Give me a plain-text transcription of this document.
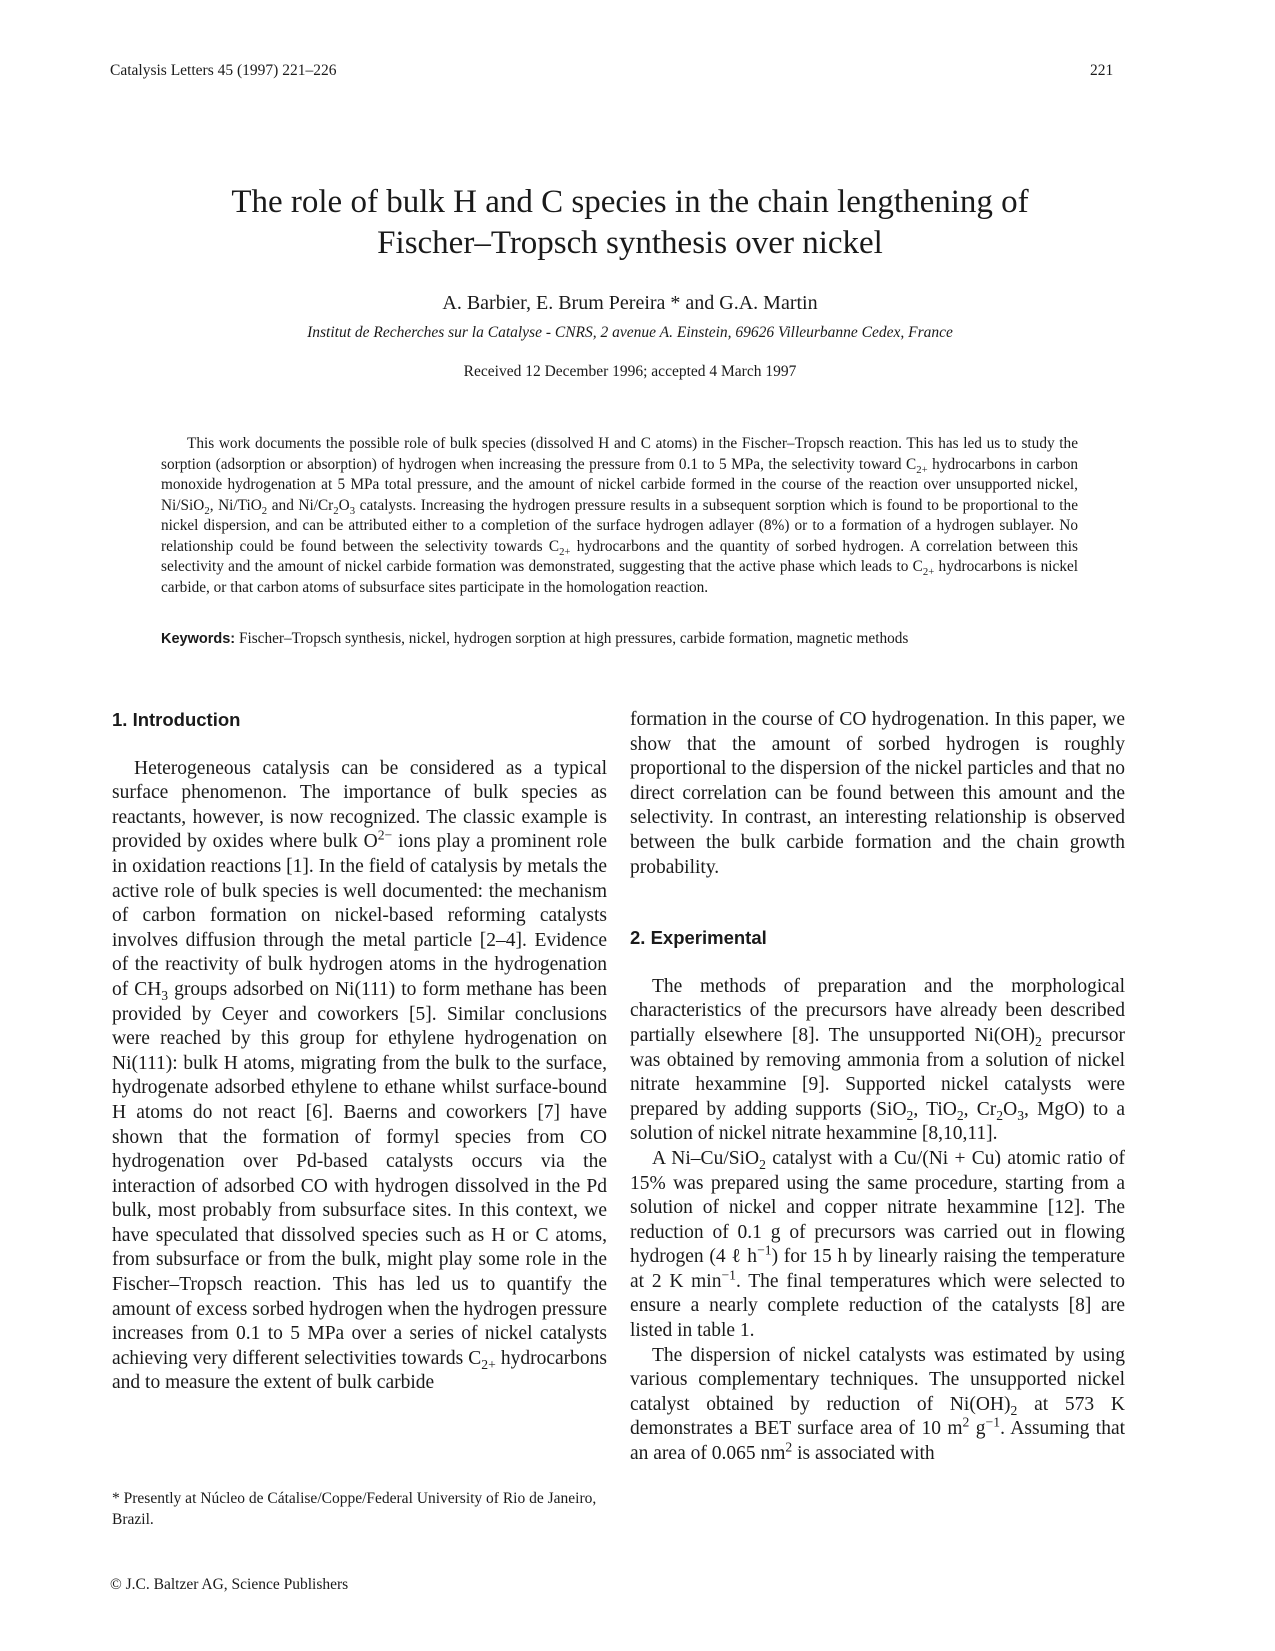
Catalysis Letters 45 (1997) 221–226	221
The role of bulk H and C species in the chain lengthening of
Fischer–Tropsch synthesis over nickel
A. Barbier, E. Brum Pereira * and G.A. Martin
Institut de Recherches sur la Catalyse - CNRS, 2 avenue A. Einstein, 69626 Villeurbanne Cedex, France
Received 12 December 1996; accepted 4 March 1997

This work documents the possible role of bulk species (dissolved H and C atoms) in the Fischer–Tropsch reaction. This has led us to study the sorption (adsorption or absorption) of hydrogen when increasing the pressure from 0.1 to 5 MPa, the selectivity toward $C_{2+}$ hydrocarbons in carbon monoxide hydrogenation at 5 MPa total pressure, and the amount of nickel carbide formed in the course of the reaction over unsupported nickel, Ni/SiO$_2$, Ni/TiO$_2$ and $Ni/Cr_2O_3$ catalysts. Increasing the hydrogen pressure results in a subsequent sorption which is found to be proportional to the nickel dispersion, and can be attributed either to a completion of the surface hydrogen adlayer (8%) or to a formation of a hydrogen sublayer. No relationship could be found between the selectivity towards $C_{2+}$ hydrocarbons and the quantity of sorbed hydrogen. A correlation between this selectivity and the amount of nickel carbide formation was demonstrated, suggesting that the active phase which leads to $C_{2+}$ hydrocarbons is nickel carbide, or that carbon atoms of subsurface sites participate in the homologation reaction.

Keywords: Fischer–Tropsch synthesis, nickel, hydrogen sorption at high pressures, carbide formation, magnetic methods
1. Introduction

Heterogeneous catalysis can be considered as a typical surface phenomenon. The importance of bulk species as reactants, however, is now recognized. The classic example is provided by oxides where bulk $O^{2-}$ ions play a prominent role in oxidation reactions [1]. In the field of catalysis by metals the active role of bulk species is well documented: the mechanism of carbon formation on nickel-based reforming catalysts involves diffusion through the metal particle [2–4]. Evidence of the reactivity of bulk hydrogen atoms in the hydrogenation of $CH_3$ groups adsorbed on Ni(111) to form methane has been provided by Ceyer and coworkers [5]. Similar conclusions were reached by this group for ethylene hydrogenation on Ni(111): bulk H atoms, migrating from the bulk to the surface, hydrogenate adsorbed ethylene to ethane whilst surface-bound H atoms do not react [6]. Baerns and coworkers [7] have shown that the formation of formyl species from CO hydrogenation over Pd-based catalysts occurs via the interaction of adsorbed CO with hydrogen dissolved in the Pd bulk, most probably from subsurface sites. In this context, we have speculated that dissolved species such as H or C atoms, from subsurface or from the bulk, might play some role in the Fischer–Tropsch reaction. This has led us to quantify the amount of excess sorbed hydrogen when the hydrogen pressure increases from 0.1 to 5 MPa over a series of nickel catalysts achieving very different selectivities towards $C_{2+}$ hydrocarbons and to measure the extent of bulk carbide

* Presently at Núcleo de Cátalise/Coppe/Federal University of Rio de Janeiro, Brazil.

formation in the course of CO hydrogenation. In this paper, we show that the amount of sorbed hydrogen is roughly proportional to the dispersion of the nickel particles and that no direct correlation can be found between this amount and the selectivity. In contrast, an interesting relationship is observed between the bulk carbide formation and the chain growth probability.

2. Experimental

The methods of preparation and the morphological characteristics of the precursors have already been described partially elsewhere [8]. The unsupported $Ni(OH)_2$ precursor was obtained by removing ammonia from a solution of nickel nitrate hexammine [9]. Supported nickel catalysts were prepared by adding supports (SiO$_2$, TiO$_2$, $Cr_2O_3$, MgO) to a solution of nickel nitrate hexammine [8,10,11].

A Ni–Cu/SiO$_2$ catalyst with a Cu/(Ni + Cu) atomic ratio of 15% was prepared using the same procedure, starting from a solution of nickel and copper nitrate hexammine [12]. The reduction of 0.1 g of precursors was carried out in flowing hydrogen (4 ℓ $h^{-1}$) for 15 h by linearly raising the temperature at 2 K $\min^{-1}$. The final temperatures which were selected to ensure a nearly complete reduction of the catalysts [8] are listed in table 1.

The dispersion of nickel catalysts was estimated by using various complementary techniques. The unsupported nickel catalyst obtained by reduction of $Ni(OH)_2$ at 573 K demonstrates a BET surface area of 10 $m^2$ $g^{-1}$. Assuming that an area of 0.065 $nm^2$ is associated with

© J.C. Baltzer AG, Science Publishers
